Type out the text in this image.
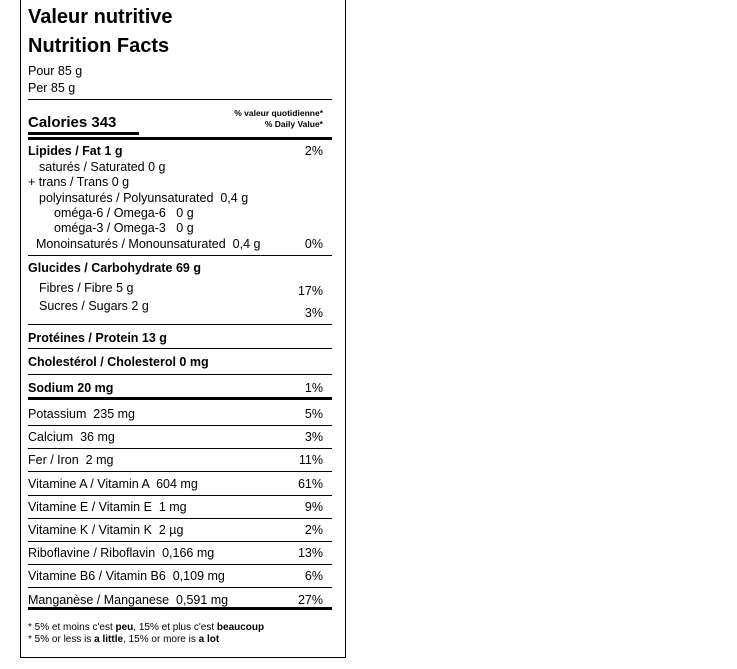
Valeur nutritive
Nutrition Facts
Pour 85 g
Per 85 g
Calories 343
% valeur quotidienne*
% Daily Value*
Lipides / Fat 1 g	2%
saturés / Saturated 0 g
+ trans / Trans 0 g
polyinsaturés / Polyunsaturated  0,4 g
oméga-6 / Omega-6   0 g
oméga-3 / Omega-3   0 g
Monoinsaturés / Monounsaturated  0,4 g	0%
Glucides / Carbohydrate 69 g
Fibres / Fibre 5 g	17%
Sucres / Sugars 2 g	3%
Protéines / Protein 13 g
Cholestérol / Cholesterol 0 mg
Sodium 20 mg	1%
Potassium  235 mg	5%
Calcium  36 mg	3%
Fer / Iron  2 mg	11%
Vitamine A / Vitamin A  604 mg	61%
Vitamine E / Vitamin E  1 mg	9%
Vitamine K / Vitamin K  2 µg	2%
Riboflavine / Riboflavin  0,166 mg	13%
Vitamine B6 / Vitamin B6  0,109 mg	6%
Manganèse / Manganese  0,591 mg	27%
* 5% et moins c'est peu, 15% et plus c'est beaucoup
* 5% or less is a little, 15% or more is a lot
